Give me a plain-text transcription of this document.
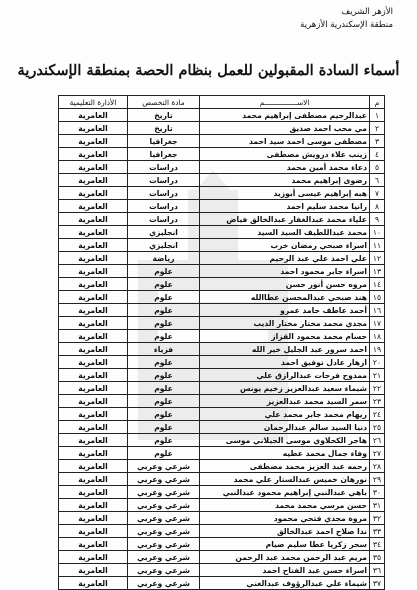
الأزهر الشريف
منطقة الإسكندرية الأزهرية
أسماء السادة المقبولين للعمل بنظام الحصة بمنطقة الإسكندرية
م	الاســـــــــــــــم	مادة التخصص	الأدارة التعليمية
١	عبدالرحيم مصطفى إبراهيم محمد	تاريخ	العامرية
٢	مي محب احمد صديق	تاريخ	العامرية
٣	مصطفى موسى احمد سيد احمد	جغرافيا	العامرية
٤	زينب علاء درويش مصطفى	جغرافيا	العامرية
٥	دعاء محمد أمين محمد	دراسات	العامرية
٦	رضوى إبراهيم محمد	دراسات	العامرية
٧	هبه إبراهيم عيسى أبوزيد	دراسات	العامرية
٨	رانيا محمد سليم احمد	دراسات	العامرية
٩	علياء محمد عبدالغفار عبدالخالق فياض	دراسات	العامرية
١٠	محمد عبداللطيف السيد السيد	انجليزي	العامرية
١١	اسراء صبحي رمضان خرب	انجليزي	العامرية
١٢	علي احمد علي عبد الرحيم	رياضة	العامرية
١٣	اسراء جابر محمود احمد	علوم	العامرية
١٤	مروه حسن أنور حسن	علوم	العامرية
١٥	هند صبحي عبدالمحسن عطاالله	علوم	العامرية
١٦	أحمد عاطف حامد عمرو	علوم	العامرية
١٧	مجدي محمد مختار مختار الديب	علوم	العامرية
١٨	حسام محمد محمود القزاز	علوم	العامرية
١٩	احمد سرور عبد الجليل خير الله	فزياء	العامرية
٢٠	ازهار عادل توفيق احمد	علوم	العامرية
٢١	ممدوح فرحات عبدالرازق علي	علوم	العامرية
٢٢	شيماء سعيد عبدالعزيز زخيم يونس	علوم	العامرية
٢٣	سمر السيد محمد عبدالعزيز	علوم	العامرية
٢٤	ريهام محمد جابر محمد علي	علوم	العامرية
٢٥	دنيا السيد سالم عبدالرحمان	علوم	العامرية
٢٦	هاجر الكحلاوي موسى الجيلاني موسى	علوم	العامرية
٢٧	وفاء جمال محمد عطيه	علوم	العامرية
٢٨	رحمه عبد العزيز محمد مصطفى	شرعي وعربي	العامرية
٢٩	نورهان خميس عبدالستار علي محمد	شرعي وعربي	العامرية
٣٠	باهي عبدالنبي إبراهيم محمود عبدالنبي	شرعي وعربي	العامرية
٣١	حسن مرسي محمد محمد	شرعي وعربي	العامرية
٣٢	مروة مجدي فتحي محمود	شرعي وعربي	العامرية
٣٣	ندا صلاح احمد عبدالخالق	شرعي وعربي	العامرية
٣٤	سحر زكريا عطا سليم صيام	شرعي وعربي	العامرية
٣٥	مريم عبد الرحمن محمد عبد الرحمن	شرعي وعربي	العامرية
٣٦	اسراء حسن عبد الفتاح احمد	شرعي وعربي	العامرية
٣٧	شيماء علي عبدالرؤوف عبدالغني	شرعي وعربي	العامرية
